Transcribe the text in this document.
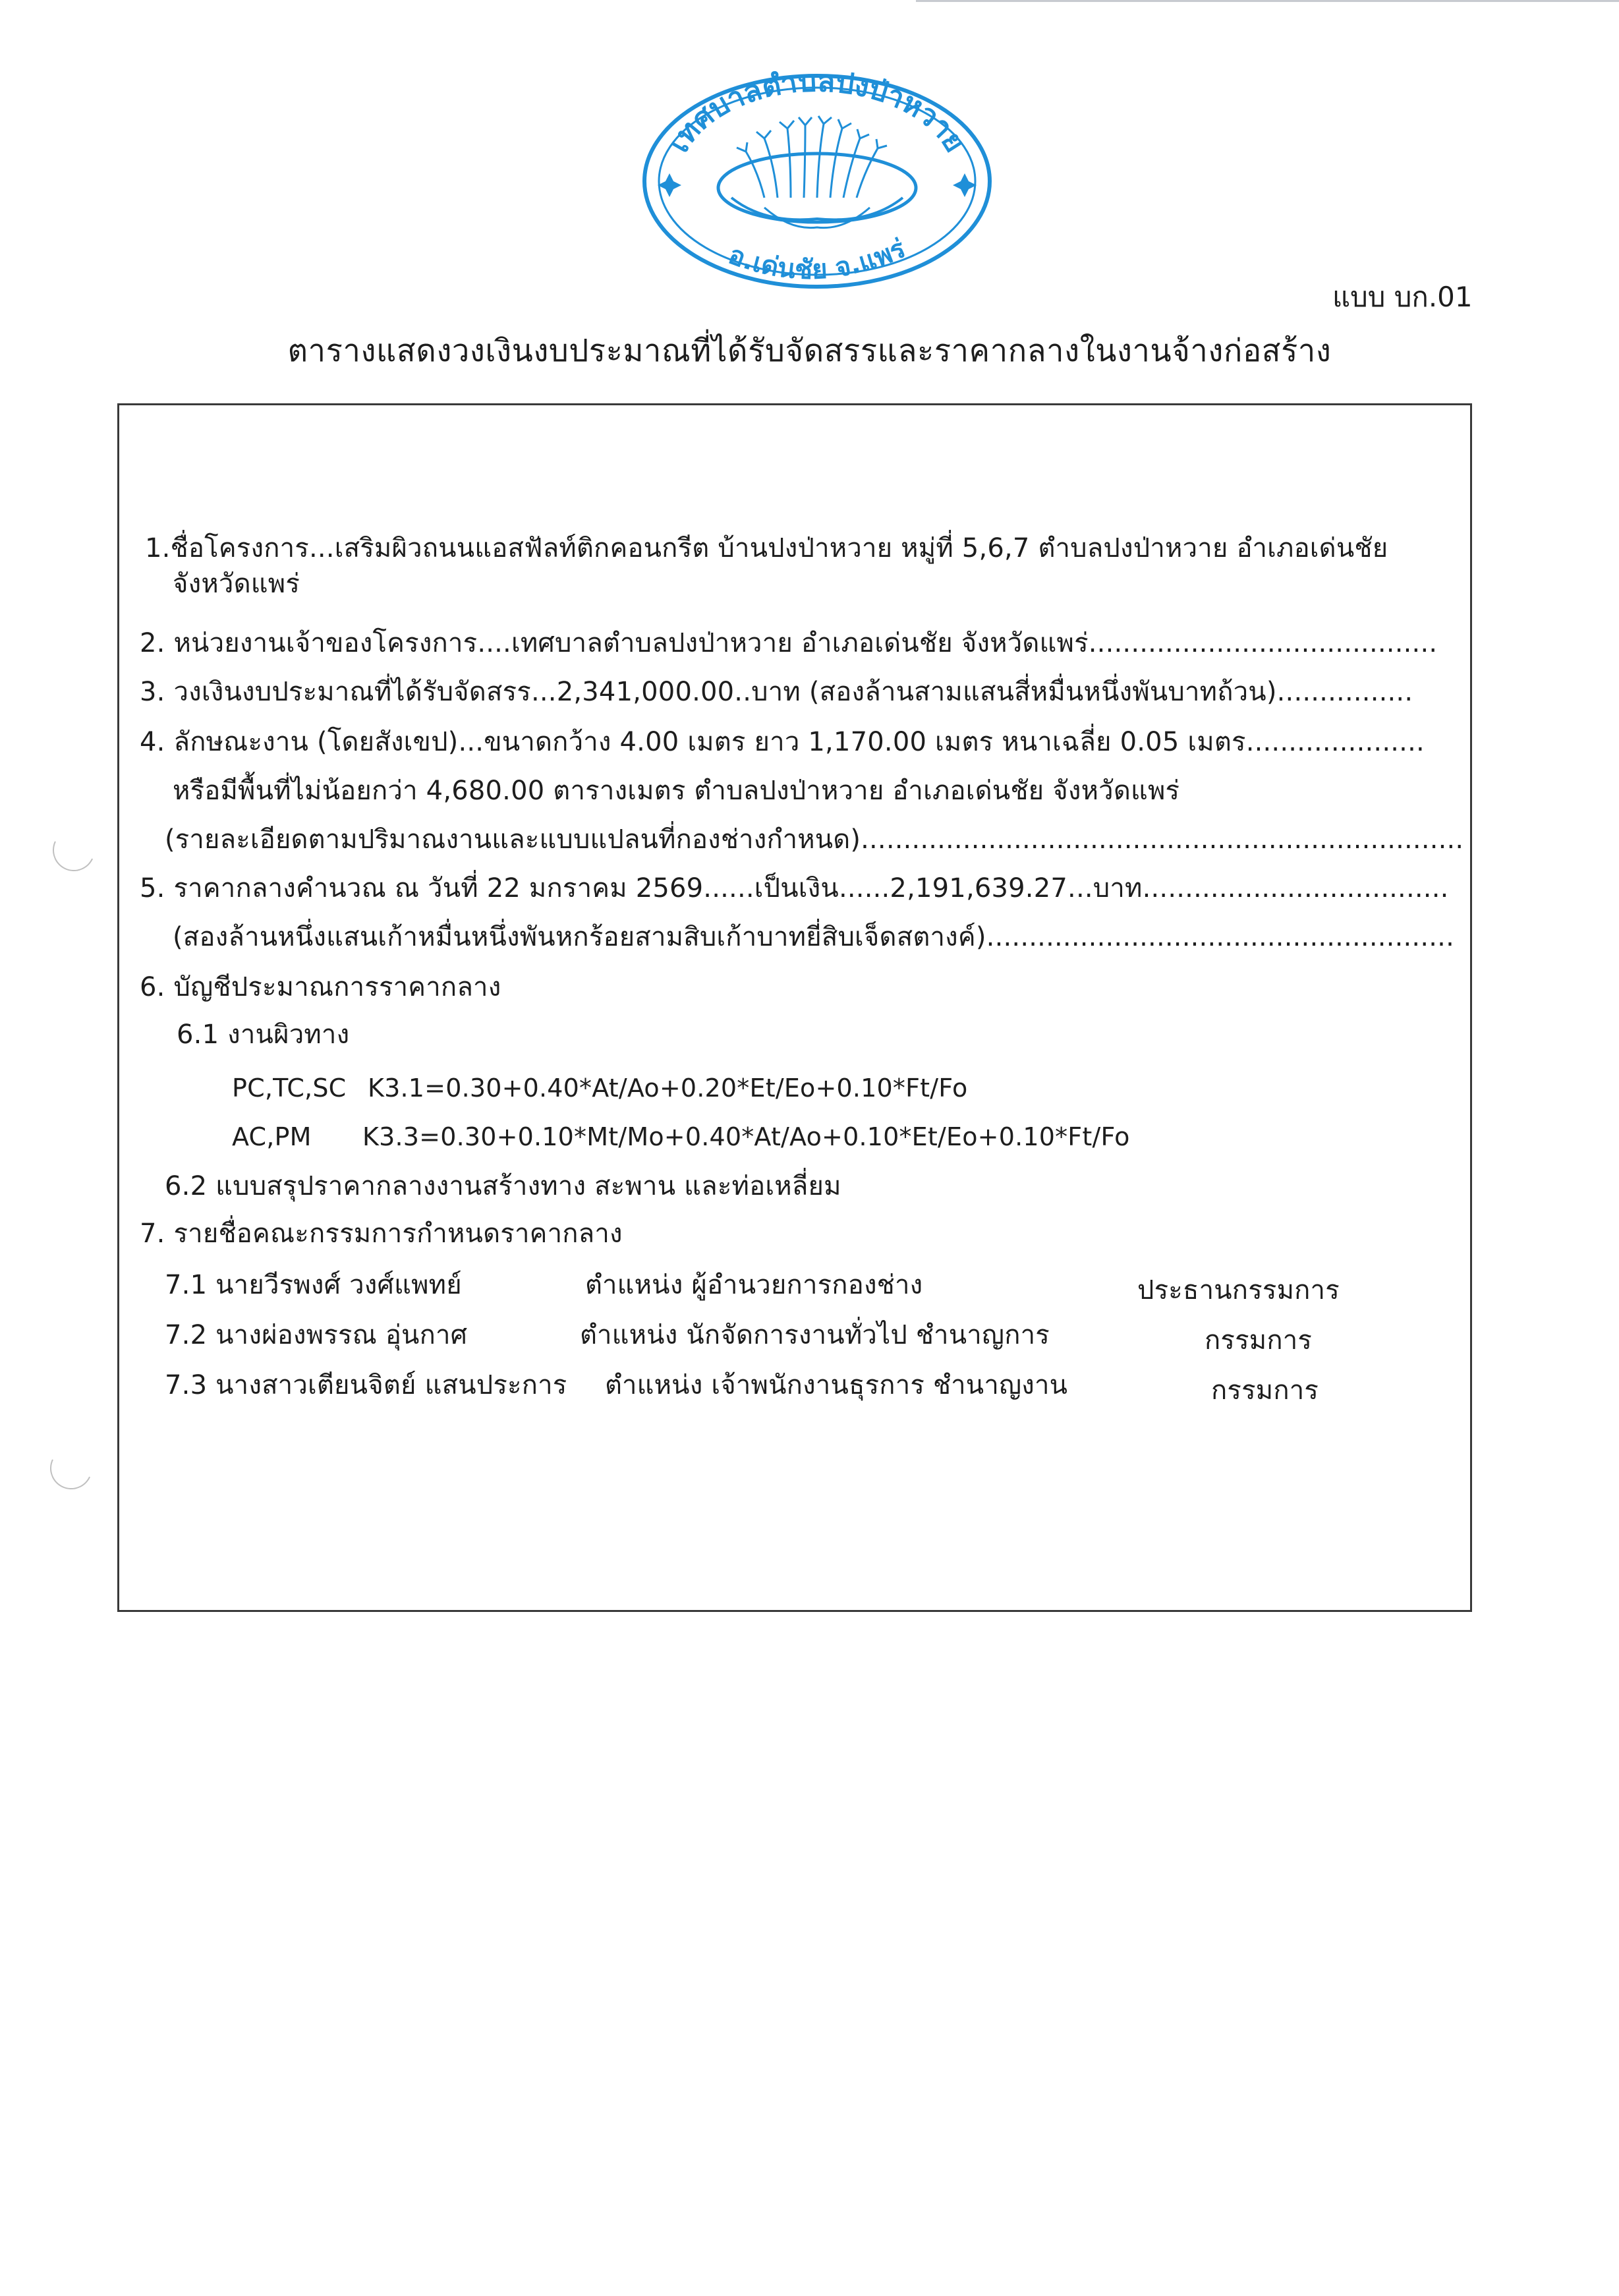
เทศบาลตำบลปงป่าหวาย
อ.เด่นชัย จ.แพร่
แบบ บก.01
ตารางแสดงวงเงินงบประมาณที่ได้รับจัดสรรและราคากลางในงานจ้างก่อสร้าง
1.ชื่อโครงการ...เสริมผิวถนนแอสฟัลท์ติกคอนกรีต บ้านปงป่าหวาย หมู่ที่ 5,6,7 ตำบลปงป่าหวาย อำเภอเด่นชัย
จังหวัดแพร่
2. หน่วยงานเจ้าของโครงการ....เทศบาลตำบลปงป่าหวาย อำเภอเด่นชัย จังหวัดแพร่.........................................
3. วงเงินงบประมาณที่ได้รับจัดสรร...2,341,000.00..บาท (สองล้านสามแสนสี่หมื่นหนึ่งพันบาทถ้วน)................
4. ลักษณะงาน (โดยสังเขป)...ขนาดกว้าง 4.00 เมตร ยาว 1,170.00 เมตร หนาเฉลี่ย 0.05 เมตร.....................
หรือมีพื้นที่ไม่น้อยกว่า 4,680.00 ตารางเมตร ตำบลปงป่าหวาย อำเภอเด่นชัย จังหวัดแพร่
(รายละเอียดตามปริมาณงานและแบบแปลนที่กองช่างกำหนด).......................................................................
5. ราคากลางคำนวณ ณ วันที่ 22 มกราคม 2569......เป็นเงิน......2,191,639.27...บาท....................................
(สองล้านหนึ่งแสนเก้าหมื่นหนึ่งพันหกร้อยสามสิบเก้าบาทยี่สิบเจ็ดสตางค์).......................................................
6. บัญชีประมาณการราคากลาง
6.1 งานผิวทาง
PC,TC,SC K3.1=0.30+0.40*At/Ao+0.20*Et/Eo+0.10*Ft/Fo
AC,PM K3.3=0.30+0.10*Mt/Mo+0.40*At/Ao+0.10*Et/Eo+0.10*Ft/Fo
6.2 แบบสรุปราคากลางงานสร้างทาง สะพาน และท่อเหลี่ยม
7. รายชื่อคณะกรรมการกำหนดราคากลาง
7.1 นายวีรพงศ์ วงศ์แพทย์	ตำแหน่ง ผู้อำนวยการกองช่าง	ประธานกรรมการ
7.2 นางผ่องพรรณ อุ่นกาศ	ตำแหน่ง นักจัดการงานทั่วไป ชำนาญการ	กรรมการ
7.3 นางสาวเตียนจิตย์ แสนประการ ตำแหน่ง เจ้าพนักงานธุรการ ชำนาญงาน	กรรมการ
